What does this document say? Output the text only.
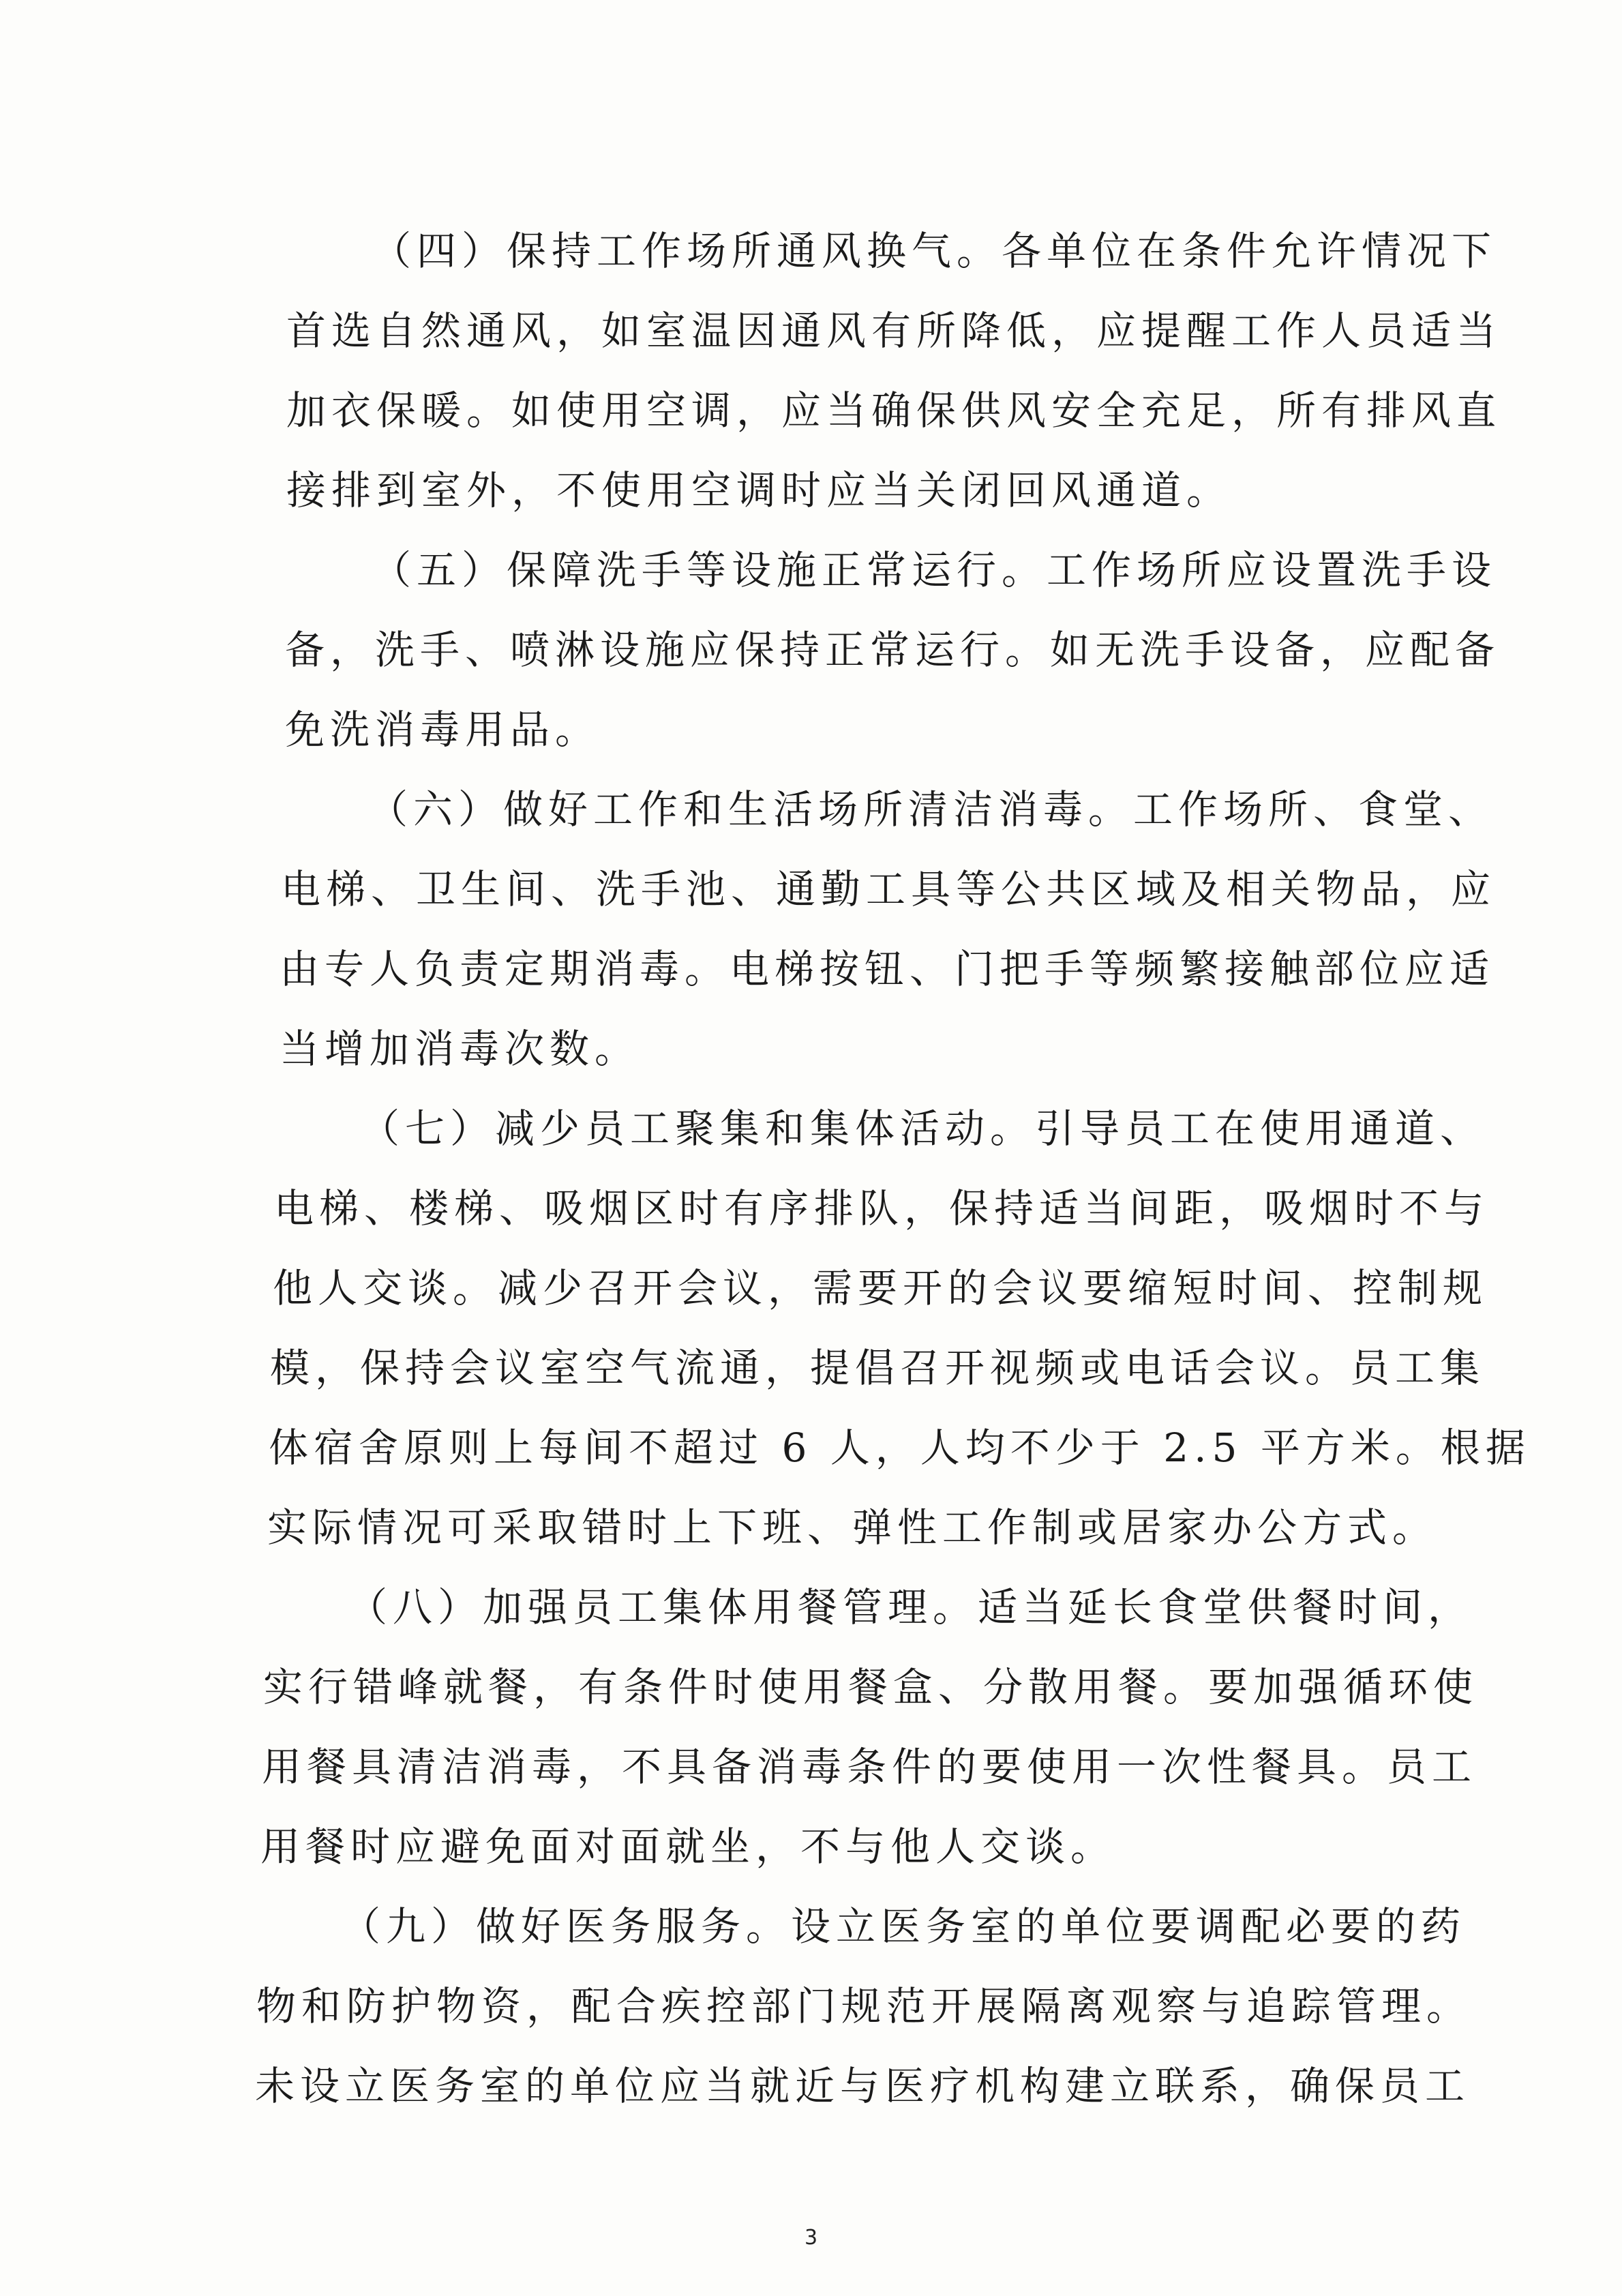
（四）保持工作场所通风换气。各单位在条件允许情况下

首选自然通风，如室温因通风有所降低，应提醒工作人员适当

加衣保暖。如使用空调，应当确保供风安全充足，所有排风直

接排到室外，不使用空调时应当关闭回风通道。

（五）保障洗手等设施正常运行。工作场所应设置洗手设

备，洗手、喷淋设施应保持正常运行。如无洗手设备，应配备

免洗消毒用品。

（六）做好工作和生活场所清洁消毒。工作场所、食堂、

电梯、卫生间、洗手池、通勤工具等公共区域及相关物品，应

由专人负责定期消毒。电梯按钮、门把手等频繁接触部位应适

当增加消毒次数。

（七）减少员工聚集和集体活动。引导员工在使用通道、

电梯、楼梯、吸烟区时有序排队，保持适当间距，吸烟时不与

他人交谈。减少召开会议，需要开的会议要缩短时间、控制规

模，保持会议室空气流通，提倡召开视频或电话会议。员工集

体宿舍原则上每间不超过 6 人，人均不少于 2.5 平方米。根据

实际情况可采取错时上下班、弹性工作制或居家办公方式。

（八）加强员工集体用餐管理。适当延长食堂供餐时间，

实行错峰就餐，有条件时使用餐盒、分散用餐。要加强循环使

用餐具清洁消毒，不具备消毒条件的要使用一次性餐具。员工

用餐时应避免面对面就坐，不与他人交谈。

（九）做好医务服务。设立医务室的单位要调配必要的药

物和防护物资，配合疾控部门规范开展隔离观察与追踪管理。

未设立医务室的单位应当就近与医疗机构建立联系，确保员工

3
